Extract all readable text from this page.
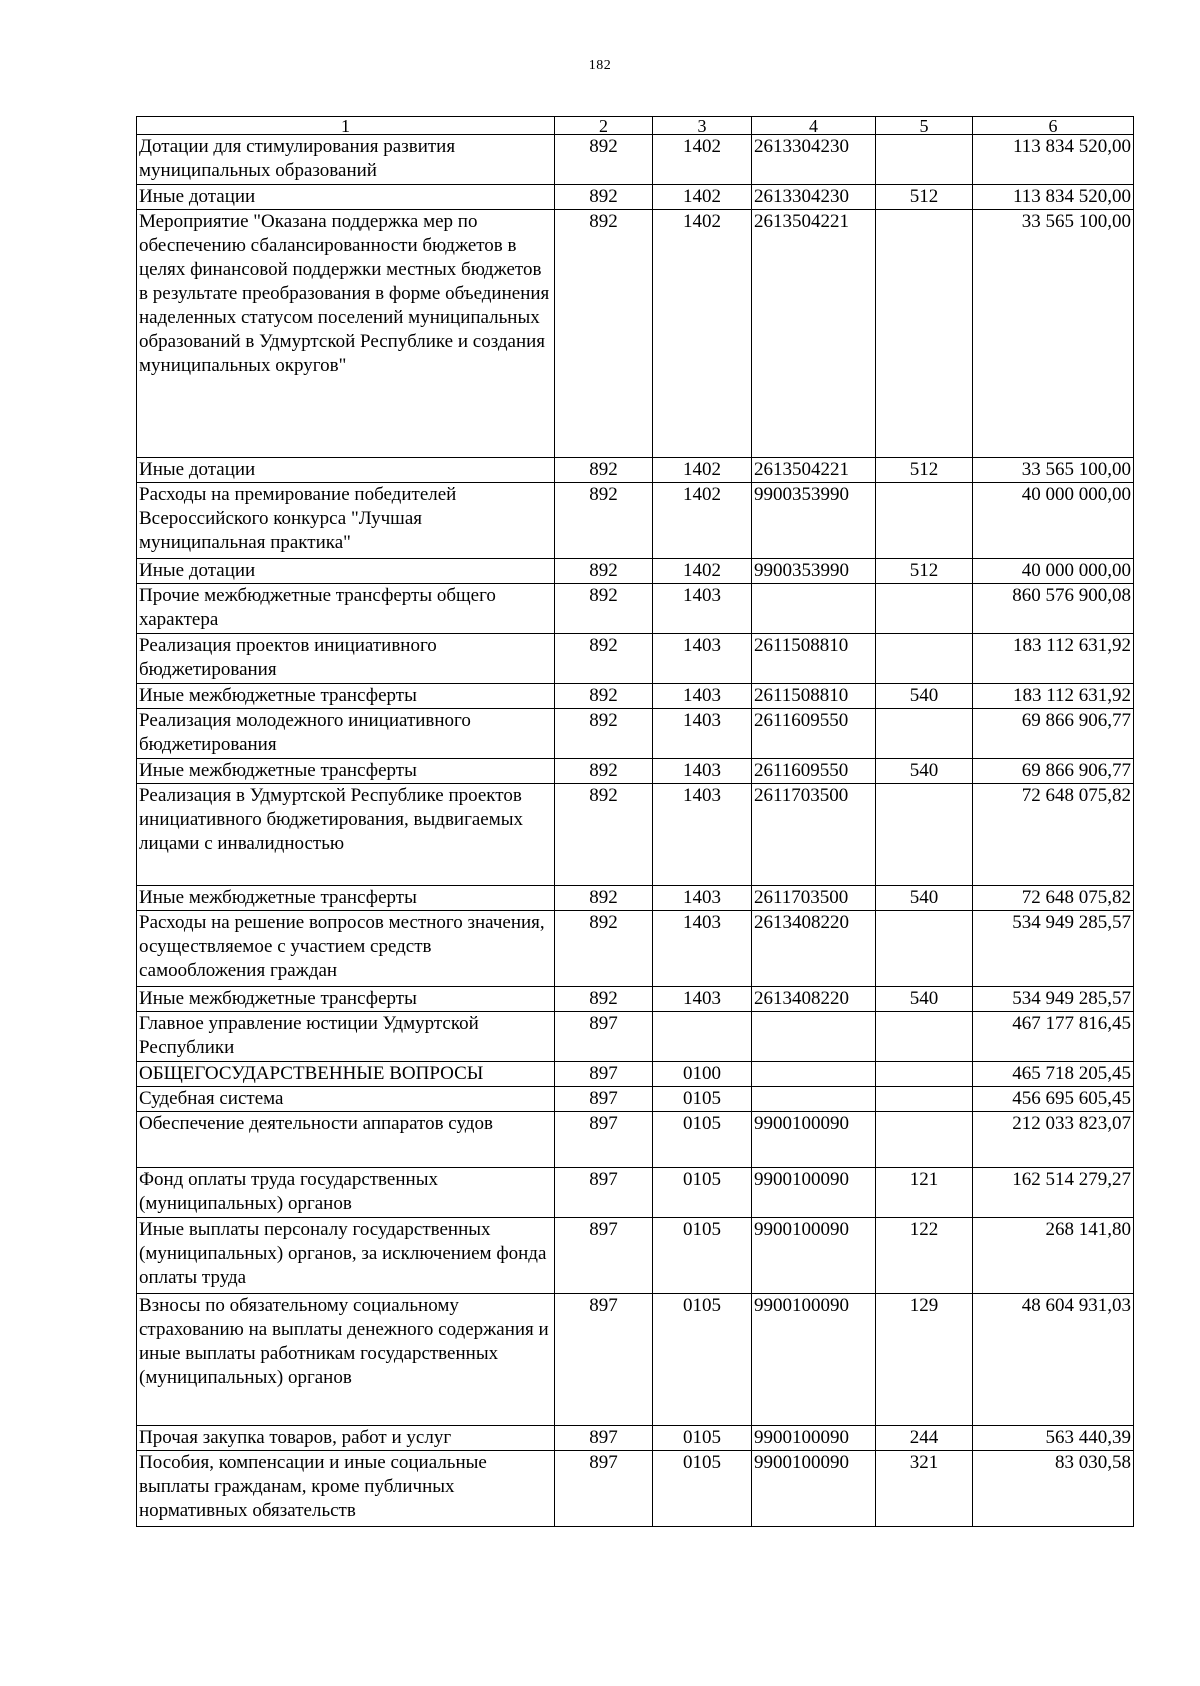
182
1	2	3	4	5	6
Дотации для стимулирования развития муниципальных образований	892	1402	2613304230		113 834 520,00
Иные дотации	892	1402	2613304230	512	113 834 520,00
Мероприятие "Оказана поддержка мер по обеспечению сбалансированности бюджетов в целях финансовой поддержки местных бюджетов в результате преобразования в форме объединения наделенных статусом поселений муниципальных образований в Удмуртской Республике и создания муниципальных округов"	892	1402	2613504221		33 565 100,00
Иные дотации	892	1402	2613504221	512	33 565 100,00
Расходы на премирование победителей Всероссийского конкурса "Лучшая муниципальная практика"	892	1402	9900353990		40 000 000,00
Иные дотации	892	1402	9900353990	512	40 000 000,00
Прочие межбюджетные трансферты общего характера	892	1403			860 576 900,08
Реализация проектов инициативного бюджетирования	892	1403	2611508810		183 112 631,92
Иные межбюджетные трансферты	892	1403	2611508810	540	183 112 631,92
Реализация молодежного инициативного бюджетирования	892	1403	2611609550		69 866 906,77
Иные межбюджетные трансферты	892	1403	2611609550	540	69 866 906,77
Реализация в Удмуртской Республике проектов инициативного бюджетирования, выдвигаемых лицами с инвалидностью	892	1403	2611703500		72 648 075,82
Иные межбюджетные трансферты	892	1403	2611703500	540	72 648 075,82
Расходы на решение вопросов местного значения, осуществляемое с участием средств самообложения граждан	892	1403	2613408220		534 949 285,57
Иные межбюджетные трансферты	892	1403	2613408220	540	534 949 285,57
Главное управление юстиции Удмуртской Республики	897				467 177 816,45
ОБЩЕГОСУДАРСТВЕННЫЕ ВОПРОСЫ	897	0100			465 718 205,45
Судебная система	897	0105			456 695 605,45
Обеспечение деятельности аппаратов судов	897	0105	9900100090		212 033 823,07
Фонд оплаты труда государственных (муниципальных) органов	897	0105	9900100090	121	162 514 279,27
Иные выплаты персоналу государственных (муниципальных) органов, за исключением фонда оплаты труда	897	0105	9900100090	122	268 141,80
Взносы по обязательному социальному страхованию на выплаты денежного содержания и иные выплаты работникам государственных (муниципальных) органов	897	0105	9900100090	129	48 604 931,03
Прочая закупка товаров, работ и услуг	897	0105	9900100090	244	563 440,39
Пособия, компенсации и иные социальные выплаты гражданам, кроме публичных нормативных обязательств	897	0105	9900100090	321	83 030,58
